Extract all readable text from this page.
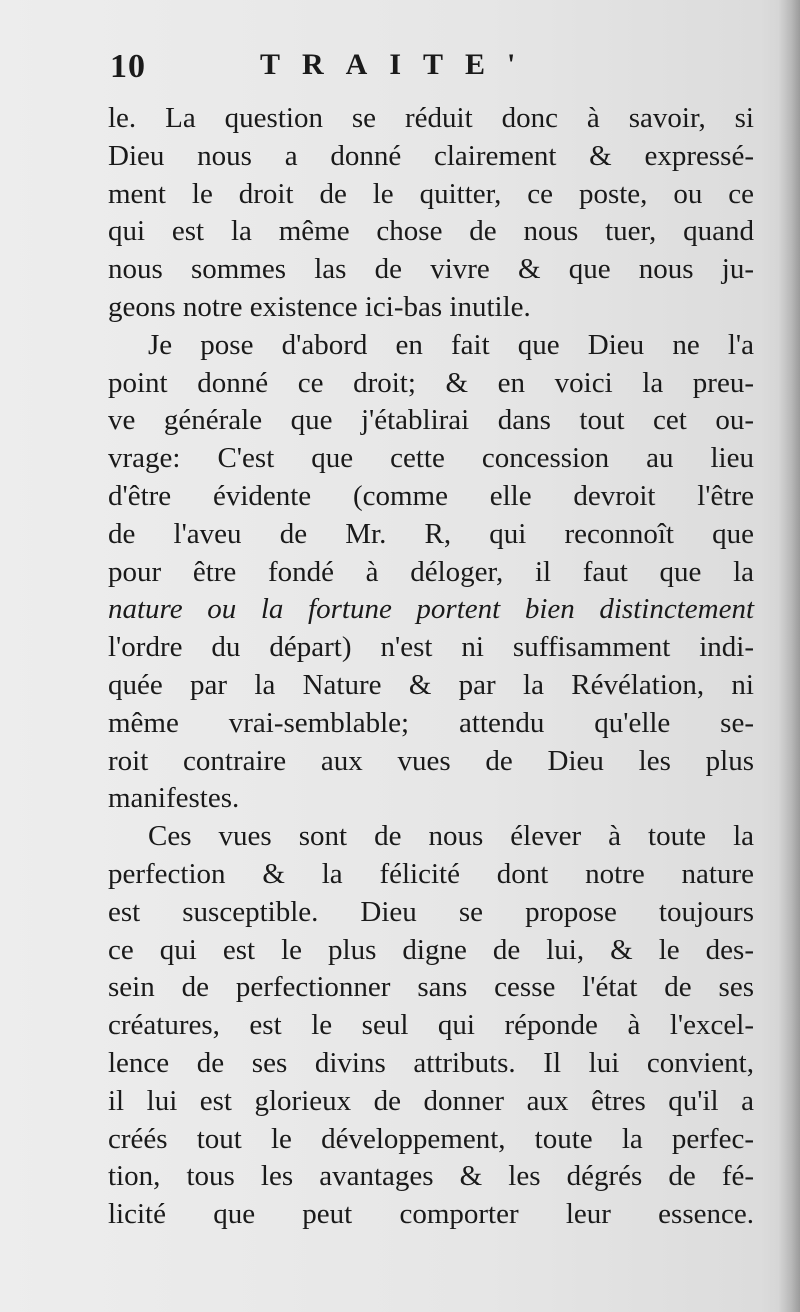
10	TRAITE'
le. La question se réduit donc à savoir, si
Dieu nous a donné clairement & expressé-
ment le droit de le quitter, ce poste, ou ce
qui est la même chose de nous tuer, quand
nous sommes las de vivre & que nous ju-
geons notre existence ici-bas inutile.
Je pose d'abord en fait que Dieu ne l'a
point donné ce droit; & en voici la preu-
ve générale que j'établirai dans tout cet ou-
vrage: C'est que cette concession au lieu
d'être évidente (comme elle devroit l'être
de l'aveu de Mr. R, qui reconnoît que
pour être fondé à déloger, il faut que la
nature ou la fortune portent bien distinctement
l'ordre du départ) n'est ni suffisamment indi-
quée par la Nature & par la Révélation, ni
même vrai-semblable; attendu qu'elle se-
roit contraire aux vues de Dieu les plus
manifestes.
Ces vues sont de nous élever à toute la
perfection & la félicité dont notre nature
est susceptible. Dieu se propose toujours
ce qui est le plus digne de lui, & le des-
sein de perfectionner sans cesse l'état de ses
créatures, est le seul qui réponde à l'excel-
lence de ses divins attributs. Il lui convient,
il lui est glorieux de donner aux êtres qu'il a
créés tout le développement, toute la perfec-
tion, tous les avantages & les dégrés de fé-
licité que peut comporter leur essence.
